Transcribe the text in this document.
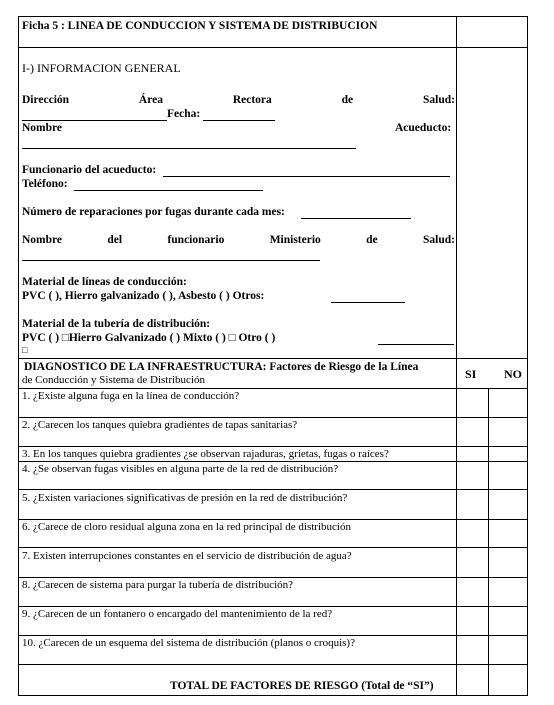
Ficha 5 : LINEA DE CONDUCCION Y SISTEMA DE DISTRIBUCION
I-) INFORMACION GENERAL
Dirección	Área	Rectora	de	Salud:
Fecha:
Nombre	Acueducto:
Funcionario del acueducto:
Teléfono:
Número de reparaciones por fugas durante cada mes:
Nombre	del	funcionario	Ministerio	de	Salud:
Material de líneas de conducción:
PVC ( ), Hierro galvanizado ( ), Asbesto ( ) Otros:
Material de la tubería de distribución:
PVC ( ) □Hierro Galvanizado ( ) Mixto ( ) □ Otro ( )
□
DIAGNOSTICO DE LA INFRAESTRUCTURA: Factores de Riesgo de la Línea
de Conducción y Sistema de Distribución	SI NO
1. ¿Existe alguna fuga en la línea de conducción?
2. ¿Carecen los tanques quiebra gradientes de tapas sanitarias?
3. En los tanques quiebra gradientes ¿se observan rajaduras, grietas, fugas o raíces?
4. ¿Se observan fugas visibles en alguna parte de la red de distribución?
5. ¿Existen variaciones significativas de presión en la red de distribución?
6. ¿Carece de cloro residual alguna zona en la red principal de distribución
7. Existen interrupciones constantes en el servicio de distribución de agua?
8. ¿Carecen de sistema para purgar la tubería de distribución?
9. ¿Carecen de un fontanero o encargado del mantenimiento de la red?
10. ¿Carecen de un esquema del sistema de distribución (planos o croquis)?
TOTAL DE FACTORES DE RIESGO (Total de “SI”)
